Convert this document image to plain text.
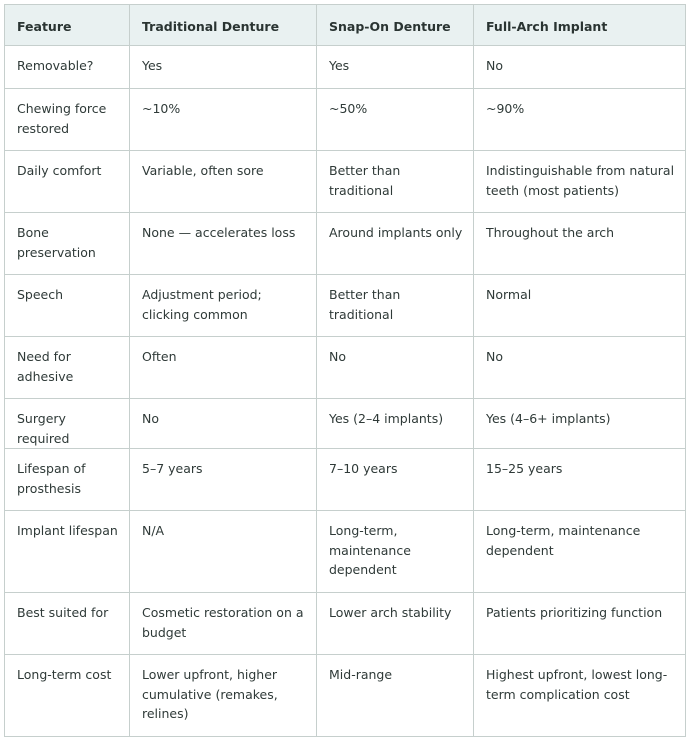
Feature	Traditional Denture	Snap-On Denture	Full-Arch Implant
Removable?	Yes	Yes	No
Chewing force restored	~10%	~50%	~90%
Daily comfort	Variable, often sore	Better than traditional	Indistinguishable from natural teeth (most patients)
Bone preservation	None — accelerates loss	Around implants only	Throughout the arch
Speech	Adjustment period; clicking common	Better than traditional	Normal
Need for adhesive	Often	No	No
Surgery required	No	Yes (2–4 implants)	Yes (4–6+ implants)
Lifespan of prosthesis	5–7 years	7–10 years	15–25 years
Implant lifespan	N/A	Long-term, maintenance dependent	Long-term, maintenance dependent
Best suited for	Cosmetic restoration on a budget	Lower arch stability	Patients prioritizing function
Long-term cost	Lower upfront, higher cumulative (remakes, relines)	Mid-range	Highest upfront, lowest long-term complication cost
